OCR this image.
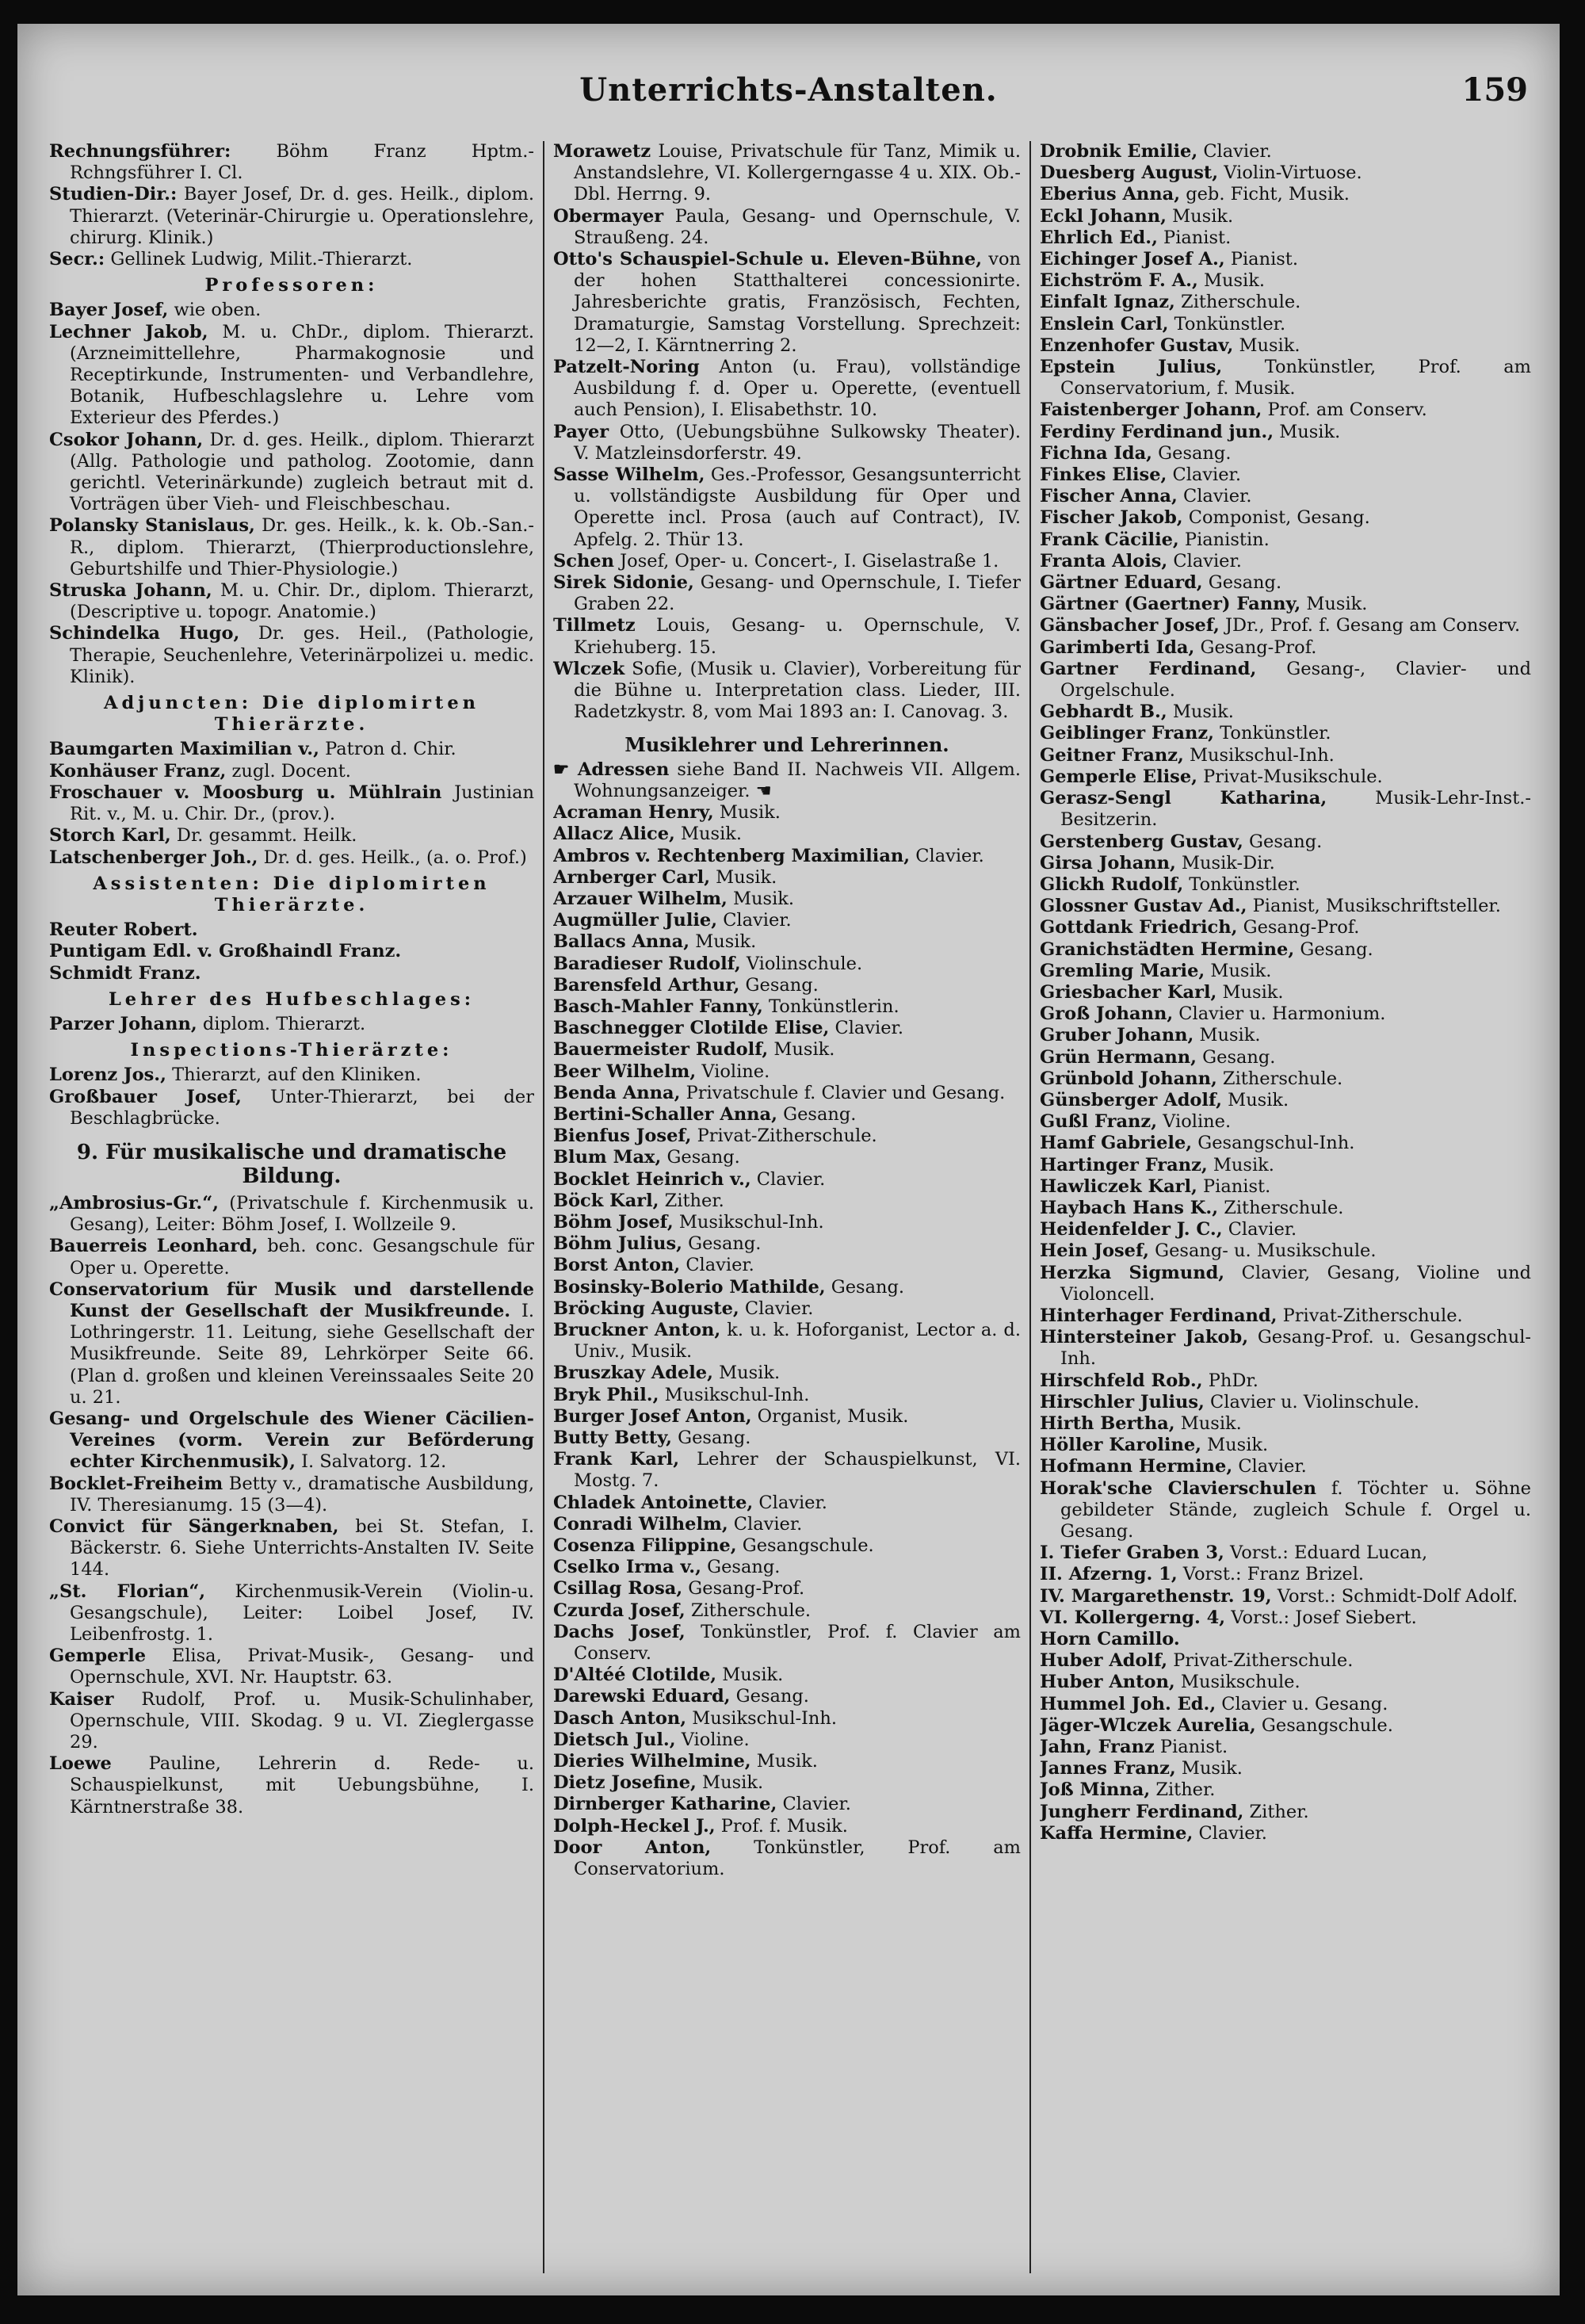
Unterrichts-Anstalten.	159
Rechnungsführer: Böhm Franz Hptm.-Rchngsführer I. Cl.
Studien-Dir.: Bayer Josef, Dr. d. ges. Heilk., diplom. Thierarzt. (Veterinär-Chirurgie u. Operationslehre, chirurg. Klinik.)
Secr.: Gellinek Ludwig, Milit.-Thierarzt.
Professoren:
Bayer Josef, wie oben.
Lechner Jakob, M. u. ChDr., diplom. Thierarzt. (Arzneimittellehre, Pharmakognosie und Receptirkunde, Instrumenten- und Verbandlehre, Botanik, Hufbeschlagslehre u. Lehre vom Exterieur des Pferdes.)
Csokor Johann, Dr. d. ges. Heilk., diplom. Thierarzt (Allg. Pathologie und patholog. Zootomie, dann gerichtl. Veterinärkunde) zugleich betraut mit d. Vorträgen über Vieh- und Fleischbeschau.
Polansky Stanislaus, Dr. ges. Heilk., k. k. Ob.-San.-R., diplom. Thierarzt, (Thierproductionslehre, Geburtshilfe und Thier-Physiologie.)
Struska Johann, M. u. Chir. Dr., diplom. Thierarzt, (Descriptive u. topogr. Anatomie.)
Schindelka Hugo, Dr. ges. Heil., (Pathologie, Therapie, Seuchenlehre, Veterinärpolizei u. medic. Klinik).
Adjuncten: Die diplomirten Thierärzte.
Baumgarten Maximilian v., Patron d. Chir.
Konhäuser Franz, zugl. Docent.
Froschauer v. Moosburg u. Mühlrain Justinian Rit. v., M. u. Chir. Dr., (prov.).
Storch Karl, Dr. gesammt. Heilk.
Latschenberger Joh., Dr. d. ges. Heilk., (a. o. Prof.)
Assistenten: Die diplomirten Thierärzte.
Reuter Robert.
Puntigam Edl. v. Großhaindl Franz.
Schmidt Franz.
Lehrer des Hufbeschlages:
Parzer Johann, diplom. Thierarzt.
Inspections-Thierärzte:
Lorenz Jos., Thierarzt, auf den Kliniken.
Großbauer Josef, Unter-Thierarzt, bei der Beschlagbrücke.
9. Für musikalische und dramatische Bildung.
„Ambrosius-Gr.“, (Privatschule f. Kirchenmusik u. Gesang), Leiter: Böhm Josef, I. Wollzeile 9.
Bauerreis Leonhard, beh. conc. Gesangschule für Oper u. Operette.
Conservatorium für Musik und darstellende Kunst der Gesellschaft der Musikfreunde. I. Lothringerstr. 11. Leitung, siehe Gesellschaft der Musikfreunde. Seite 89, Lehrkörper Seite 66. (Plan d. großen und kleinen Vereinssaales Seite 20 u. 21.
Gesang- und Orgelschule des Wiener Cäcilien-Vereines (vorm. Verein zur Beförderung echter Kirchenmusik), I. Salvatorg. 12.
Bocklet-Freiheim Betty v., dramatische Ausbildung, IV. Theresianumg. 15 (3—4).
Convict für Sängerknaben, bei St. Stefan, I. Bäckerstr. 6. Siehe Unterrichts-Anstalten IV. Seite 144.
„St. Florian“, Kirchenmusik-Verein (Violin-u. Gesangschule), Leiter: Loibel Josef, IV. Leibenfrostg. 1.
Gemperle Elisa, Privat-Musik-, Gesang- und Opernschule, XVI. Nr. Hauptstr. 63.
Kaiser Rudolf, Prof. u. Musik-Schulinhaber, Opernschule, VIII. Skodag. 9 u. VI. Zieglergasse 29.
Loewe Pauline, Lehrerin d. Rede- u. Schauspielkunst, mit Uebungsbühne, I. Kärntnerstraße 38.
Morawetz Louise, Privatschule für Tanz, Mimik u. Anstandslehre, VI. Kollergerngasse 4 u. XIX. Ob.-Dbl. Herrng. 9.
Obermayer Paula, Gesang- und Opernschule, V. Straußeng. 24.
Otto's Schauspiel-Schule u. Eleven-Bühne, von der hohen Statthalterei concessionirte. Jahresberichte gratis, Französisch, Fechten, Dramaturgie, Samstag Vorstellung. Sprechzeit: 12—2, I. Kärntnerring 2.
Patzelt-Noring Anton (u. Frau), vollständige Ausbildung f. d. Oper u. Operette, (eventuell auch Pension), I. Elisabethstr. 10.
Payer Otto, (Uebungsbühne Sulkowsky Theater). V. Matzleinsdorferstr. 49.
Sasse Wilhelm, Ges.-Professor, Gesangsunterricht u. vollständigste Ausbildung für Oper und Operette incl. Prosa (auch auf Contract), IV. Apfelg. 2. Thür 13.
Schen Josef, Oper- u. Concert-, I. Giselastraße 1.
Sirek Sidonie, Gesang- und Opernschule, I. Tiefer Graben 22.
Tillmetz Louis, Gesang- u. Opernschule, V. Kriehuberg. 15.
Wlczek Sofie, (Musik u. Clavier), Vorbereitung für die Bühne u. Interpretation class. Lieder, III. Radetzkystr. 8, vom Mai 1893 an: I. Canovag. 3.
Musiklehrer und Lehrerinnen.
☛ Adressen siehe Band II. Nachweis VII. Allgem. Wohnungsanzeiger. ☚
Acraman Henry, Musik.
Allacz Alice, Musik.
Ambros v. Rechtenberg Maximilian, Clavier.
Arnberger Carl, Musik.
Arzauer Wilhelm, Musik.
Augmüller Julie, Clavier.
Ballacs Anna, Musik.
Baradieser Rudolf, Violinschule.
Barensfeld Arthur, Gesang.
Basch-Mahler Fanny, Tonkünstlerin.
Baschnegger Clotilde Elise, Clavier.
Bauermeister Rudolf, Musik.
Beer Wilhelm, Violine.
Benda Anna, Privatschule f. Clavier und Gesang.
Bertini-Schaller Anna, Gesang.
Bienfus Josef, Privat-Zitherschule.
Blum Max, Gesang.
Bocklet Heinrich v., Clavier.
Böck Karl, Zither.
Böhm Josef, Musikschul-Inh.
Böhm Julius, Gesang.
Borst Anton, Clavier.
Bosinsky-Bolerio Mathilde, Gesang.
Bröcking Auguste, Clavier.
Bruckner Anton, k. u. k. Hoforganist, Lector a. d. Univ., Musik.
Bruszkay Adele, Musik.
Bryk Phil., Musikschul-Inh.
Burger Josef Anton, Organist, Musik.
Butty Betty, Gesang.
Frank Karl, Lehrer der Schauspielkunst, VI. Mostg. 7.
Chladek Antoinette, Clavier.
Conradi Wilhelm, Clavier.
Cosenza Filippine, Gesangschule.
Cselko Irma v., Gesang.
Csillag Rosa, Gesang-Prof.
Czurda Josef, Zitherschule.
Dachs Josef, Tonkünstler, Prof. f. Clavier am Conserv.
D'Altéé Clotilde, Musik.
Darewski Eduard, Gesang.
Dasch Anton, Musikschul-Inh.
Dietsch Jul., Violine.
Dieries Wilhelmine, Musik.
Dietz Josefine, Musik.
Dirnberger Katharine, Clavier.
Dolph-Heckel J., Prof. f. Musik.
Door Anton, Tonkünstler, Prof. am Conservatorium.
Drobnik Emilie, Clavier.
Duesberg August, Violin-Virtuose.
Eberius Anna, geb. Ficht, Musik.
Eckl Johann, Musik.
Ehrlich Ed., Pianist.
Eichinger Josef A., Pianist.
Eichström F. A., Musik.
Einfalt Ignaz, Zitherschule.
Enslein Carl, Tonkünstler.
Enzenhofer Gustav, Musik.
Epstein Julius, Tonkünstler, Prof. am Conservatorium, f. Musik.
Faistenberger Johann, Prof. am Conserv.
Ferdiny Ferdinand jun., Musik.
Fichna Ida, Gesang.
Finkes Elise, Clavier.
Fischer Anna, Clavier.
Fischer Jakob, Componist, Gesang.
Frank Cäcilie, Pianistin.
Franta Alois, Clavier.
Gärtner Eduard, Gesang.
Gärtner (Gaertner) Fanny, Musik.
Gänsbacher Josef, JDr., Prof. f. Gesang am Conserv.
Garimberti Ida, Gesang-Prof.
Gartner Ferdinand, Gesang-, Clavier- und Orgelschule.
Gebhardt B., Musik.
Geiblinger Franz, Tonkünstler.
Geitner Franz, Musikschul-Inh.
Gemperle Elise, Privat-Musikschule.
Gerasz-Sengl Katharina, Musik-Lehr-Inst.-Besitzerin.
Gerstenberg Gustav, Gesang.
Girsa Johann, Musik-Dir.
Glickh Rudolf, Tonkünstler.
Glossner Gustav Ad., Pianist, Musikschriftsteller.
Gottdank Friedrich, Gesang-Prof.
Granichstädten Hermine, Gesang.
Gremling Marie, Musik.
Griesbacher Karl, Musik.
Groß Johann, Clavier u. Harmonium.
Gruber Johann, Musik.
Grün Hermann, Gesang.
Grünbold Johann, Zitherschule.
Günsberger Adolf, Musik.
Gußl Franz, Violine.
Hamf Gabriele, Gesangschul-Inh.
Hartinger Franz, Musik.
Hawliczek Karl, Pianist.
Haybach Hans K., Zitherschule.
Heidenfelder J. C., Clavier.
Hein Josef, Gesang- u. Musikschule.
Herzka Sigmund, Clavier, Gesang, Violine und Violoncell.
Hinterhager Ferdinand, Privat-Zitherschule.
Hintersteiner Jakob, Gesang-Prof. u. Gesangschul-Inh.
Hirschfeld Rob., PhDr.
Hirschler Julius, Clavier u. Violinschule.
Hirth Bertha, Musik.
Höller Karoline, Musik.
Hofmann Hermine, Clavier.
Horak'sche Clavierschulen f. Töchter u. Söhne gebildeter Stände, zugleich Schule f. Orgel u. Gesang.
I. Tiefer Graben 3, Vorst.: Eduard Lucan,
II. Afzerng. 1, Vorst.: Franz Brizel.
IV. Margarethenstr. 19, Vorst.: Schmidt-Dolf Adolf.
VI. Kollergerng. 4, Vorst.: Josef Siebert.
Horn Camillo.
Huber Adolf, Privat-Zitherschule.
Huber Anton, Musikschule.
Hummel Joh. Ed., Clavier u. Gesang.
Jäger-Wlczek Aurelia, Gesangschule.
Jahn, Franz Pianist.
Jannes Franz, Musik.
Joß Minna, Zither.
Jungherr Ferdinand, Zither.
Kaffa Hermine, Clavier.
